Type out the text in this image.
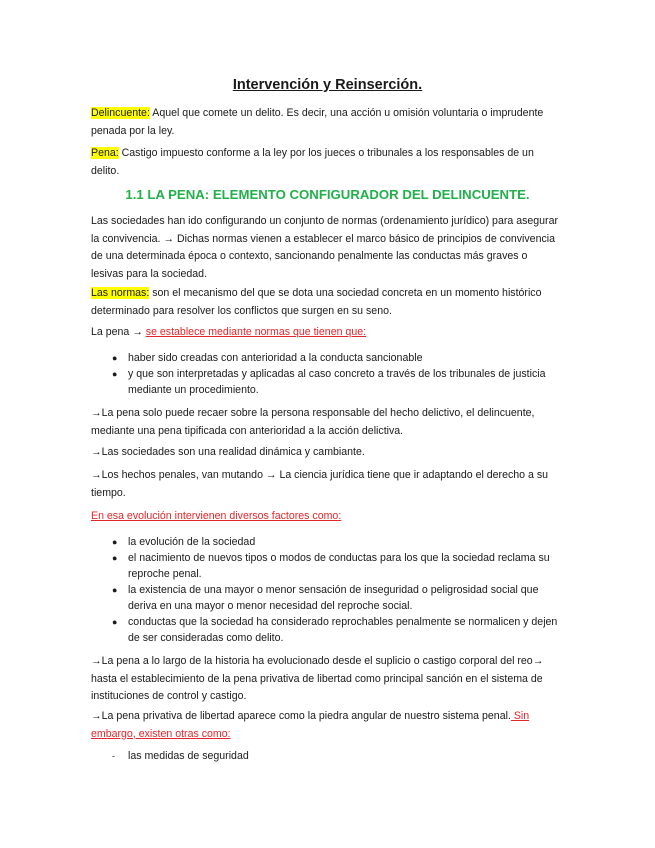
Intervención y Reinserción.

Delincuente: Aquel que comete un delito. Es decir, una acción u omisión voluntaria o imprudente penada por la ley.

Pena: Castigo impuesto conforme a la ley por los jueces o tribunales a los responsables de un delito.

1.1 LA PENA: ELEMENTO CONFIGURADOR DEL DELINCUENTE.

Las sociedades han ido configurando un conjunto de normas (ordenamiento jurídico) para asegurar la convivencia. → Dichas normas vienen a establecer el marco básico de principios de convivencia de una determinada época o contexto, sancionando penalmente las conductas más graves o lesivas para la sociedad.

Las normas: son el mecanismo del que se dota una sociedad concreta en un momento histórico determinado para resolver los conflictos que surgen en su seno.

La pena → se establece mediante normas que tienen que:

● haber sido creadas con anterioridad a la conducta sancionable
● y que son interpretadas y aplicadas al caso concreto a través de los tribunales de justicia mediante un procedimiento.

→La pena solo puede recaer sobre la persona responsable del hecho delictivo, el delincuente, mediante una pena tipificada con anterioridad a la acción delictiva.

→Las sociedades son una realidad dinámica y cambiante.

→Los hechos penales, van mutando → La ciencia jurídica tiene que ir adaptando el derecho a su tiempo.

En esa evolución intervienen diversos factores como:

● la evolución de la sociedad
● el nacimiento de nuevos tipos o modos de conductas para los que la sociedad reclama su reproche penal.
● la existencia de una mayor o menor sensación de inseguridad o peligrosidad social que deriva en una mayor o menor necesidad del reproche social.
● conductas que la sociedad ha considerado reprochables penalmente se normalicen y dejen de ser consideradas como delito.

→La pena a lo largo de la historia ha evolucionado desde el suplicio o castigo corporal del reo→ hasta el establecimiento de la pena privativa de libertad como principal sanción en el sistema de instituciones de control y castigo.

→La pena privativa de libertad aparece como la piedra angular de nuestro sistema penal. Sin embargo, existen otras como:

- las medidas de seguridad
